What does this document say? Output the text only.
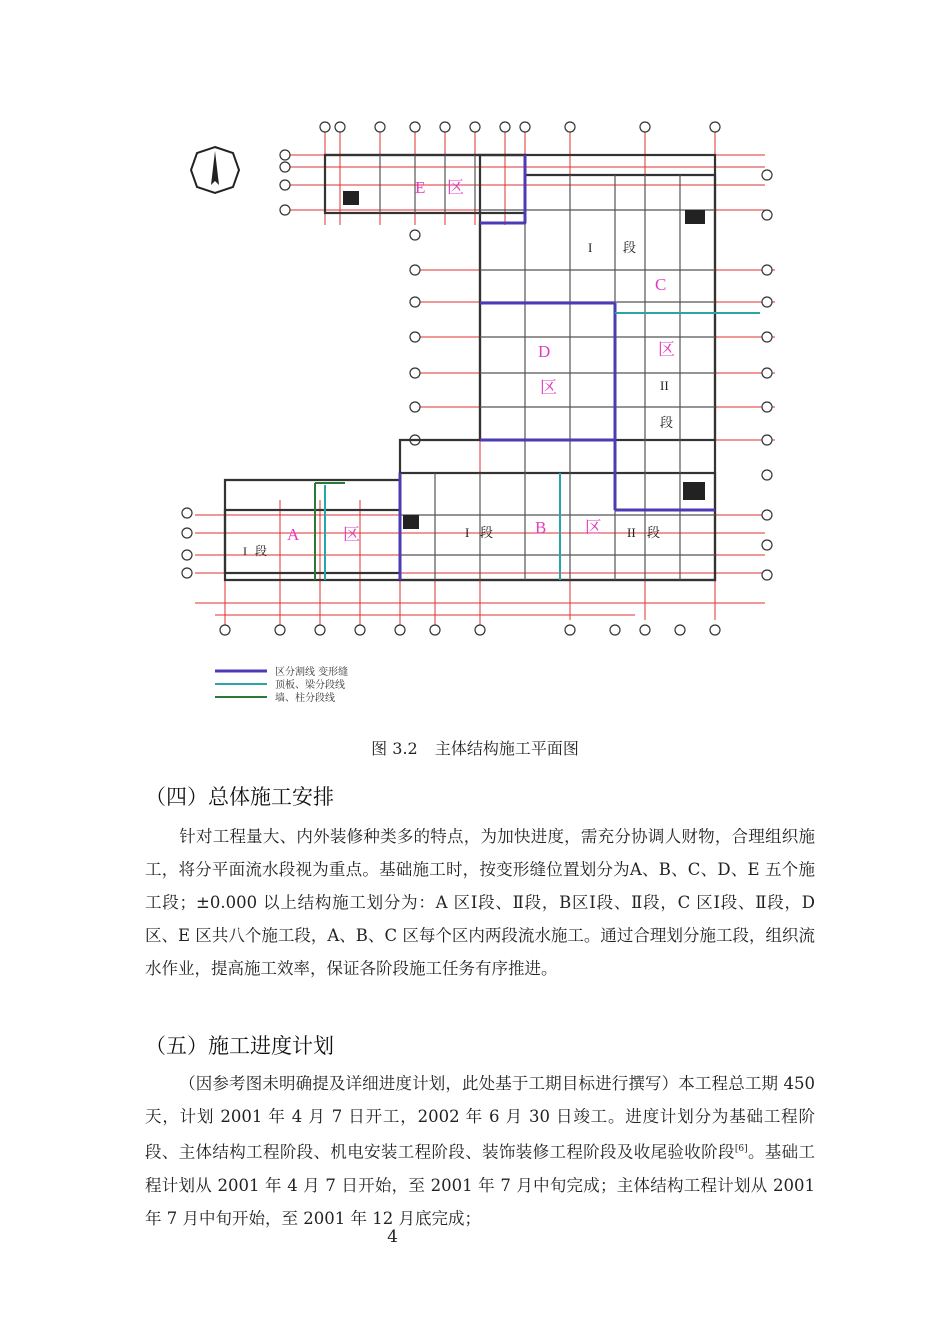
E 区
I 段
C
D
区
区
II
段
A	区
I 段
I 段 B 区 II 段
区分割线 变形缝
顶板、梁分段线
墙、柱分段线
图 3.2 主体结构施工平面图
（四）总体施工安排
针对工程量大、内外装修种类多的特点，为加快进度，需充分协调人财物，合理组织施工，将分平面流水段视为重点。基础施工时，按变形缝位置划分为A、B、C、D、E 五个施工段；±0.000 以上结构施工划分为：A 区Ⅰ段、Ⅱ段，B区Ⅰ段、Ⅱ段，C 区Ⅰ段、Ⅱ段，D 区、E 区共八个施工段，A、B、C 区每个区内两段流水施工。通过合理划分施工段，组织流水作业，提高施工效率，保证各阶段施工任务有序推进。
（五）施工进度计划
（因参考图未明确提及详细进度计划，此处基于工期目标进行撰写）本工程总工期 450 天，计划 2001 年 4 月 7 日开工，2002 年 6 月 30 日竣工。进度计划分为基础工程阶段、主体结构工程阶段、机电安装工程阶段、装饰装修工程阶段及收尾验收阶段[6]。基础工程计划从 2001 年 4 月 7 日开始，至 2001 年 7 月中旬完成；主体结构工程计划从 2001 年 7 月中旬开始，至 2001 年 12 月底完成；
4
